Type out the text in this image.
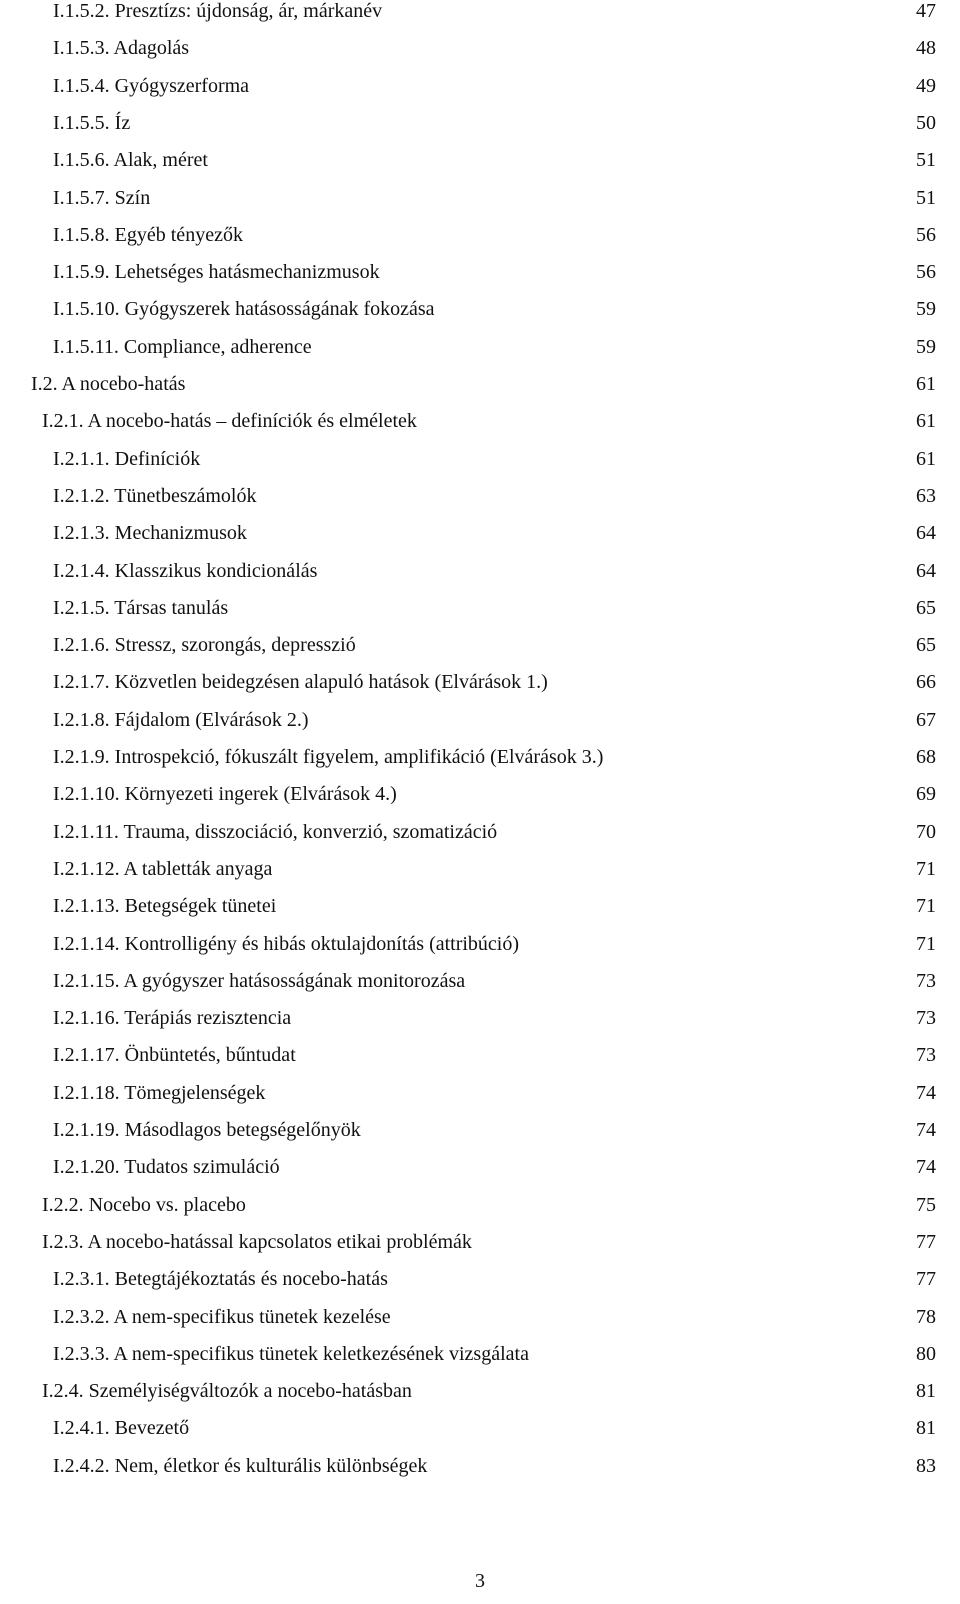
I.1.5.2. Presztízs: újdonság, ár, márkanév	47
I.1.5.3. Adagolás	48
I.1.5.4. Gyógyszerforma	49
I.1.5.5. Íz	50
I.1.5.6. Alak, méret	51
I.1.5.7. Szín	51
I.1.5.8. Egyéb tényezők	56
I.1.5.9. Lehetséges hatásmechanizmusok	56
I.1.5.10. Gyógyszerek hatásosságának fokozása	59
I.1.5.11. Compliance, adherence	59
I.2. A nocebo-hatás	61
I.2.1. A nocebo-hatás – definíciók és elméletek	61
I.2.1.1. Definíciók	61
I.2.1.2. Tünetbeszámolók	63
I.2.1.3. Mechanizmusok	64
I.2.1.4. Klasszikus kondicionálás	64
I.2.1.5. Társas tanulás	65
I.2.1.6. Stressz, szorongás, depresszió	65
I.2.1.7. Közvetlen beidegzésen alapuló hatások (Elvárások 1.)	66
I.2.1.8. Fájdalom (Elvárások 2.)	67
I.2.1.9. Introspekció, fókuszált figyelem, amplifikáció (Elvárások 3.)	68
I.2.1.10. Környezeti ingerek (Elvárások 4.)	69
I.2.1.11. Trauma, disszociáció, konverzió, szomatizáció	70
I.2.1.12. A tabletták anyaga	71
I.2.1.13. Betegségek tünetei	71
I.2.1.14. Kontrolligény és hibás oktulajdonítás (attribúció)	71
I.2.1.15. A gyógyszer hatásosságának monitorozása	73
I.2.1.16. Terápiás rezisztencia	73
I.2.1.17. Önbüntetés, bűntudat	73
I.2.1.18. Tömegjelenségek	74
I.2.1.19. Másodlagos betegségelőnyök	74
I.2.1.20. Tudatos szimuláció	74
I.2.2. Nocebo vs. placebo	75
I.2.3. A nocebo-hatással kapcsolatos etikai problémák	77
I.2.3.1. Betegtájékoztatás és nocebo-hatás	77
I.2.3.2. A nem-specifikus tünetek kezelése	78
I.2.3.3. A nem-specifikus tünetek keletkezésének vizsgálata	80
I.2.4. Személyiségváltozók a nocebo-hatásban	81
I.2.4.1. Bevezető	81
I.2.4.2. Nem, életkor és kulturális különbségek	83
3
